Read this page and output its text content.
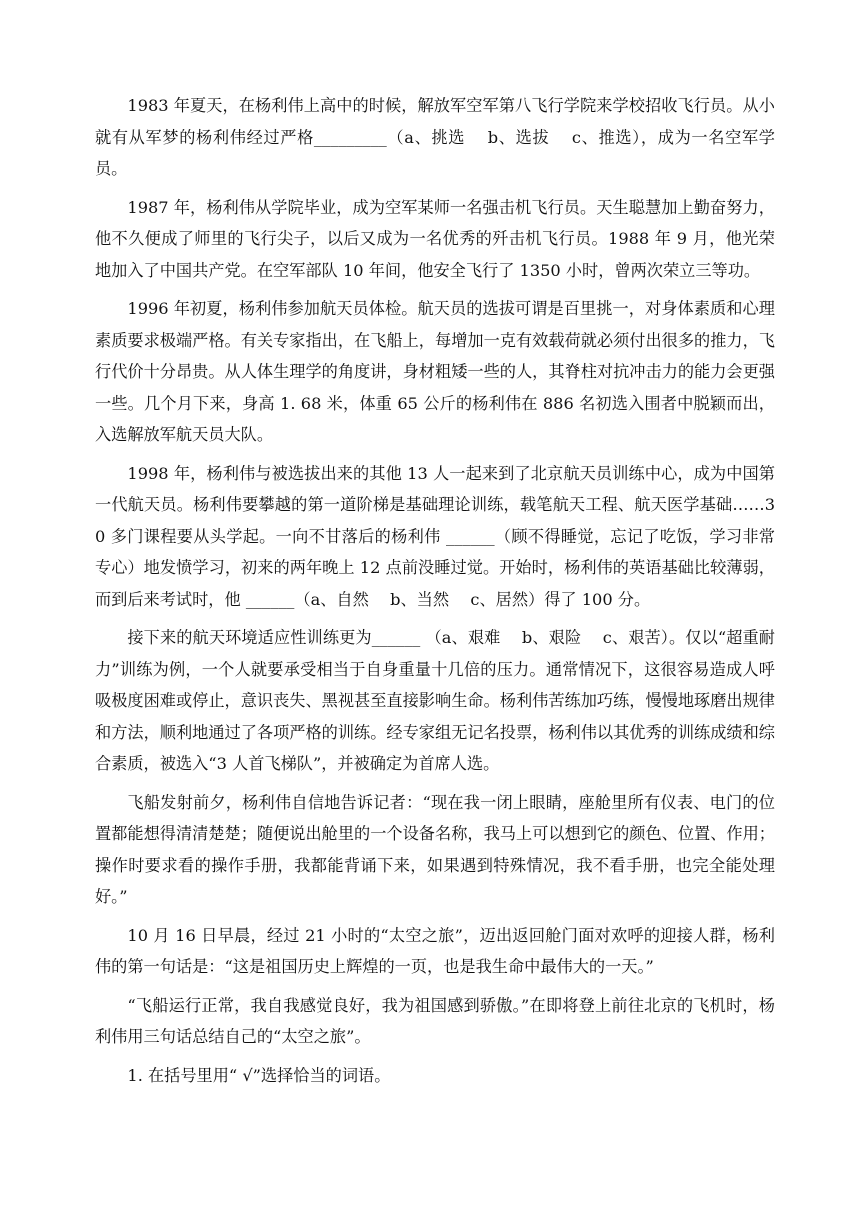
1983 年夏天，在杨利伟上高中的时候，解放军空军第八飞行学院来学校招收飞行员。从小就有从军梦的杨利伟经过严格_________（a、挑选　 b、选拔　 c、推选），成为一名空军学员。

1987 年，杨利伟从学院毕业，成为空军某师一名强击机飞行员。天生聪慧加上勤奋努力，他不久便成了师里的飞行尖子，以后又成为一名优秀的歼击机飞行员。1988 年 9 月，他光荣地加入了中国共产党。在空军部队 10 年间，他安全飞行了 1350 小时，曾两次荣立三等功。

1996 年初夏，杨利伟参加航天员体检。航天员的选拔可谓是百里挑一，对身体素质和心理素质要求极端严格。有关专家指出，在飞船上，每增加一克有效载荷就必须付出很多的推力，飞行代价十分昂贵。从人体生理学的角度讲，身材粗矮一些的人，其脊柱对抗冲击力的能力会更强一些。几个月下来，身高 1. 68 米，体重 65 公斤的杨利伟在 886 名初选入围者中脱颖而出，入选解放军航天员大队。

1998 年，杨利伟与被选拔出来的其他 13 人一起来到了北京航天员训练中心，成为中国第一代航天员。杨利伟要攀越的第一道阶梯是基础理论训练，载笔航天工程、航天医学基础……30 多门课程要从头学起。一向不甘落后的杨利伟 ______（顾不得睡觉，忘记了吃饭，学习非常专心）地发愤学习，初来的两年晚上 12 点前没睡过觉。开始时，杨利伟的英语基础比较薄弱，而到后来考试时，他 ______（a、自然　 b、当然　 c、居然）得了 100 分。

接下来的航天环境适应性训练更为______ （a、艰难　 b、艰险　 c、艰苦）。仅以“超重耐力”训练为例，一个人就要承受相当于自身重量十几倍的压力。通常情况下，这很容易造成人呼吸极度困难或停止，意识丧失、黑视甚至直接影响生命。杨利伟苦练加巧练，慢慢地琢磨出规律和方法，顺利地通过了各项严格的训练。经专家组无记名投票，杨利伟以其优秀的训练成绩和综合素质，被选入“3 人首飞梯队”，并被确定为首席人选。

飞船发射前夕，杨利伟自信地告诉记者：“现在我一闭上眼睛，座舱里所有仪表、电门的位置都能想得清清楚楚；随便说出舱里的一个设备名称，我马上可以想到它的颜色、位置、作用；操作时要求看的操作手册，我都能背诵下来，如果遇到特殊情况，我不看手册，也完全能处理好。”

10 月 16 日早晨，经过 21 小时的“太空之旅”，迈出返回舱门面对欢呼的迎接人群，杨利伟的第一句话是：“这是祖国历史上辉煌的一页，也是我生命中最伟大的一天。”

“飞船运行正常，我自我感觉良好，我为祖国感到骄傲。”在即将登上前往北京的飞机时，杨利伟用三句话总结自己的“太空之旅”。

1. 在括号里用“ √”选择恰当的词语。
